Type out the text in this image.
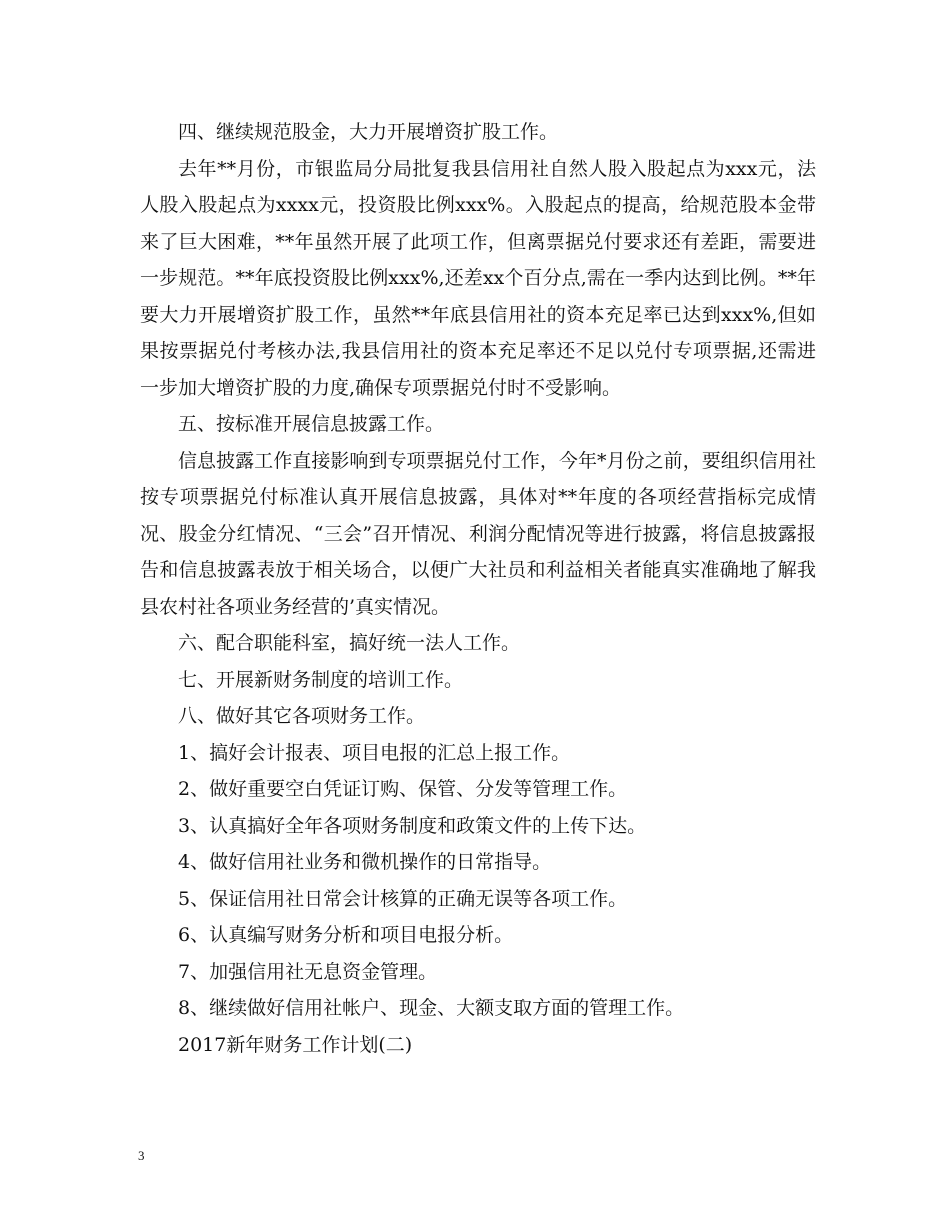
四、继续规范股金，大力开展增资扩股工作。

去年**月份，市银监局分局批复我县信用社自然人股入股起点为xxx元，法人股入股起点为xxxx元，投资股比例xxx%。入股起点的提高，给规范股本金带来了巨大困难，**年虽然开展了此项工作，但离票据兑付要求还有差距，需要进一步规范。**年底投资股比例xxx%,还差xx个百分点,需在一季内达到比例。**年要大力开展增资扩股工作，虽然**年底县信用社的资本充足率已达到xxx%,但如果按票据兑付考核办法,我县信用社的资本充足率还不足以兑付专项票据,还需进一步加大增资扩股的力度,确保专项票据兑付时不受影响。

五、按标准开展信息披露工作。

信息披露工作直接影响到专项票据兑付工作，今年*月份之前，要组织信用社按专项票据兑付标准认真开展信息披露，具体对**年度的各项经营指标完成情况、股金分红情况、“三会”召开情况、利润分配情况等进行披露，将信息披露报告和信息披露表放于相关场合，以便广大社员和利益相关者能真实准确地了解我县农村社各项业务经营的’真实情况。

六、配合职能科室，搞好统一法人工作。

七、开展新财务制度的培训工作。

八、做好其它各项财务工作。

1、搞好会计报表、项目电报的汇总上报工作。

2、做好重要空白凭证订购、保管、分发等管理工作。

3、认真搞好全年各项财务制度和政策文件的上传下达。

4、做好信用社业务和微机操作的日常指导。

5、保证信用社日常会计核算的正确无误等各项工作。

6、认真编写财务分析和项目电报分析。

7、加强信用社无息资金管理。

8、继续做好信用社帐户、现金、大额支取方面的管理工作。

2017新年财务工作计划(二)

3
